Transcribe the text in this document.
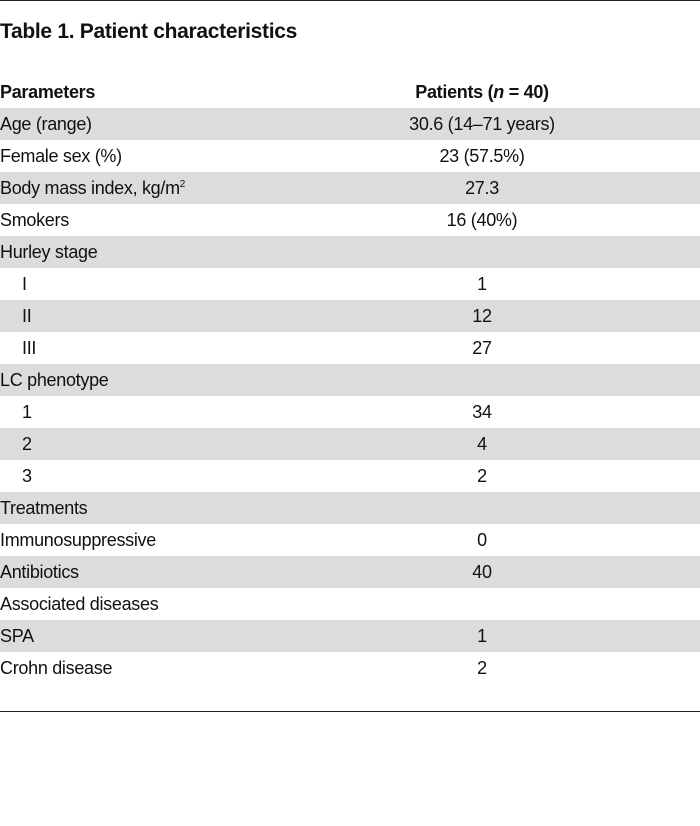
Table 1. Patient characteristics
Parameters	Patients (n = 40)
Age (range)	30.6 (14–71 years)
Female sex (%)	23 (57.5%)
Body mass index, $kg/m^2$	27.3
Smokers	16 (40%)
Hurley stage
I	1
II	12
III	27
LC phenotype
1	34
2	4
3	2
Treatments
Immunosuppressive	0
Antibiotics	40
Associated diseases
SPA	1
Crohn disease	2
